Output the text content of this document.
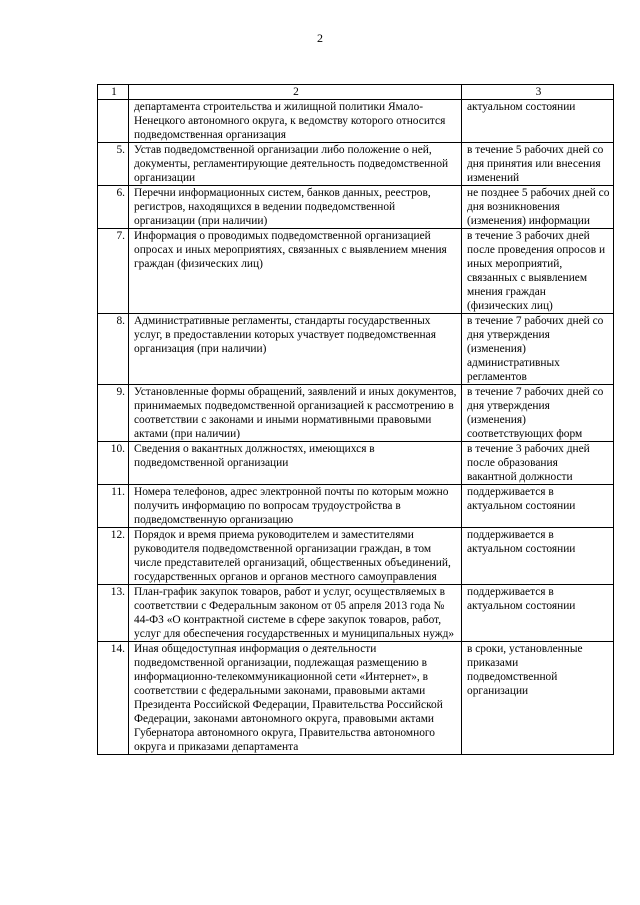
2
1	2	3
	департамента строительства и жилищной политики Ямало-Ненецкого автономного округа, к ведомству которого относится подведомственная организация	актуальном состоянии
5.	Устав подведомственной организации либо положение о ней, документы, регламентирующие деятельность подведомственной организации	в течение 5 рабочих дней со дня принятия или внесения изменений
6.	Перечни информационных систем, банков данных, реестров, регистров, находящихся в ведении подведомственной организации (при наличии)	не позднее 5 рабочих дней со дня возникновения (изменения) информации
7.	Информация о проводимых подведомственной организацией опросах и иных мероприятиях, связанных с выявлением мнения граждан (физических лиц)	в течение 3 рабочих дней после проведения опросов и иных мероприятий, связанных с выявлением мнения граждан (физических лиц)
8.	Административные регламенты, стандарты государственных услуг, в предоставлении которых участвует подведомственная организация (при наличии)	в течение 7 рабочих дней со дня утверждения (изменения) административных регламентов
9.	Установленные формы обращений, заявлений и иных документов, принимаемых подведомственной организацией к рассмотрению в соответствии с законами и иными нормативными правовыми актами (при наличии)	в течение 7 рабочих дней со дня утверждения (изменения) соответствующих форм
10.	Сведения о вакантных должностях, имеющихся в подведомственной организации	в течение 3 рабочих дней после образования вакантной должности
11.	Номера телефонов, адрес электронной почты по которым можно получить информацию по вопросам трудоустройства в подведомственную организацию	поддерживается в актуальном состоянии
12.	Порядок и время приема руководителем и заместителями руководителя подведомственной организации граждан, в том числе представителей организаций, общественных объединений, государственных органов и органов местного самоуправления	поддерживается в актуальном состоянии
13.	План-график закупок товаров, работ и услуг, осуществляемых в соответствии с Федеральным законом от 05 апреля 2013 года № 44-ФЗ «О контрактной системе в сфере закупок товаров, работ, услуг для обеспечения государственных и муниципальных нужд»	поддерживается в актуальном состоянии
14.	Иная общедоступная информация о деятельности подведомственной организации, подлежащая размещению в информационно-телекоммуникационной сети «Интернет», в соответствии с федеральными законами, правовыми актами Президента Российской Федерации, Правительства Российской Федерации, законами автономного округа, правовыми актами Губернатора автономного округа, Правительства автономного округа и приказами департамента	в сроки, установленные приказами подведомственной организации
